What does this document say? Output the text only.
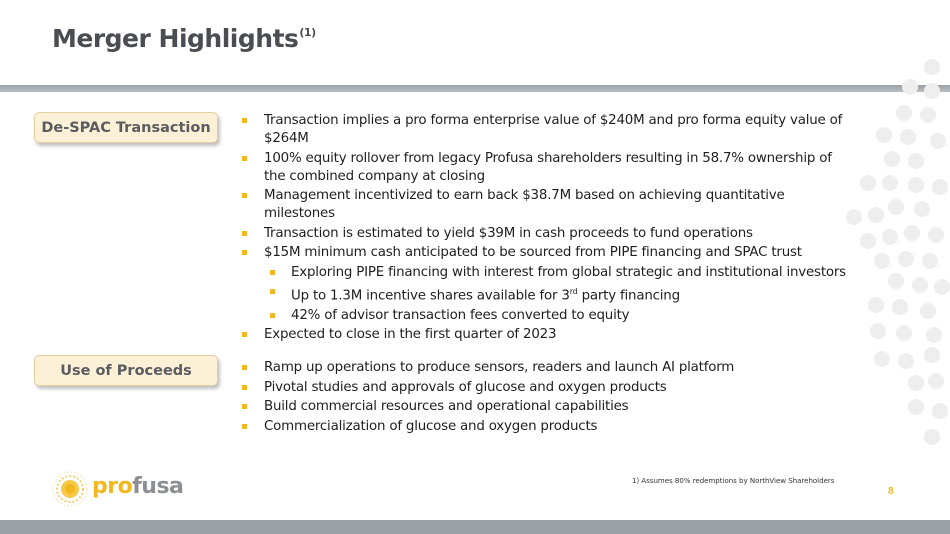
Merger Highlights$^{(1)}$
De-SPAC Transaction	Transaction implies a pro forma enterprise value of $240M and pro forma equity value of $264M
100% equity rollover from legacy Profusa shareholders resulting in 58.7% ownership of the combined company at closing
Management incentivized to earn back $38.7M based on achieving quantitative milestones
Transaction is estimated to yield $39M in cash proceeds to fund operations
$15M minimum cash anticipated to be sourced from PIPE financing and SPAC trust
Exploring PIPE financing with interest from global strategic and institutional investors
Up to 1.3M incentive shares available for 3rd party financing
42% of advisor transaction fees converted to equity
Expected to close in the first quarter of 2023
Use of Proceeds	Ramp up operations to produce sensors, readers and launch AI platform
Pivotal studies and approvals of glucose and oxygen products
Build commercial resources and operational capabilities
Commercialization of glucose and oxygen products
profusa	1) Assumes 80% redemptions by NorthView Shareholders
8
